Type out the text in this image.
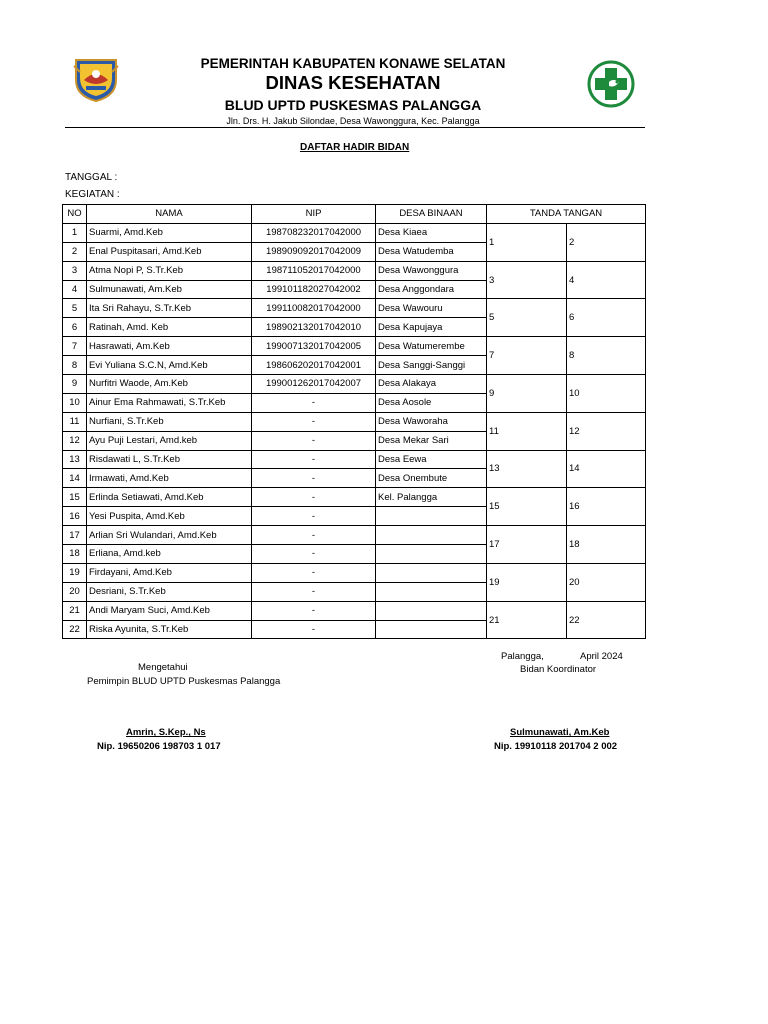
PEMERINTAH KABUPATEN KONAWE SELATAN
DINAS KESEHATAN
BLUD UPTD PUSKESMAS PALANGGA
Jln. Drs. H. Jakub Silondae, Desa Wawonggura, Kec. Palangga
DAFTAR HADIR BIDAN
TANGGAL :
KEGIATAN :
NO	NAMA	NIP	DESA BINAAN	TANDA TANGAN	
1	Suarmi, Amd.Keb	198708232017042000	Desa Kiaea	1	2
2	Enal Puspitasari, Amd.Keb	198909092017042009	Desa Watudemba		
3	Atma Nopi P, S.Tr.Keb	198711052017042000	Desa Wawonggura	3	4
4	Sulmunawati, Am.Keb	199101182027042002	Desa Anggondara		
5	Ita Sri Rahayu, S.Tr.Keb	199110082017042000	Desa Wawouru	5	6
6	Ratinah, Amd. Keb	198902132017042010	Desa Kapujaya		
7	Hasrawati, Am.Keb	199007132017042005	Desa Watumerembe	7	8
8	Evi Yuliana S.C.N, Amd.Keb	198606202017042001	Desa Sanggi-Sanggi		
9	Nurfitri Waode, Am.Keb	199001262017042007	Desa Alakaya	9	10
10	Ainur Ema Rahmawati, S.Tr.Keb	-	Desa Aosole		
11	Nurfiani, S.Tr.Keb	-	Desa Waworaha	11	12
12	Ayu Puji Lestari, Amd.keb	-	Desa Mekar Sari		
13	Risdawati L, S.Tr.Keb	-	Desa Eewa	13	14
14	Irmawati, Amd.Keb	-	Desa Onembute		
15	Erlinda Setiawati, Amd.Keb	-	Kel. Palangga	15	16
16	Yesi Puspita, Amd.Keb	-			
17	Arlian Sri Wulandari, Amd.Keb	-		17	18
18	Erliana, Amd.keb	-			
19	Firdayani, Amd.Keb	-		19	20
20	Desriani, S.Tr.Keb	-			
21	Andi Maryam Suci, Amd.Keb	-		21	22
22	Riska Ayunita, S.Tr.Keb	-			
Palangga,	April 2024
Bidan Koordinator
Mengetahui
Pemimpin BLUD UPTD Puskesmas Palangga
Amrin, S.Kep., Ns
Nip. 19650206 198703 1 017
Sulmunawati, Am.Keb
Nip. 19910118 201704 2 002
